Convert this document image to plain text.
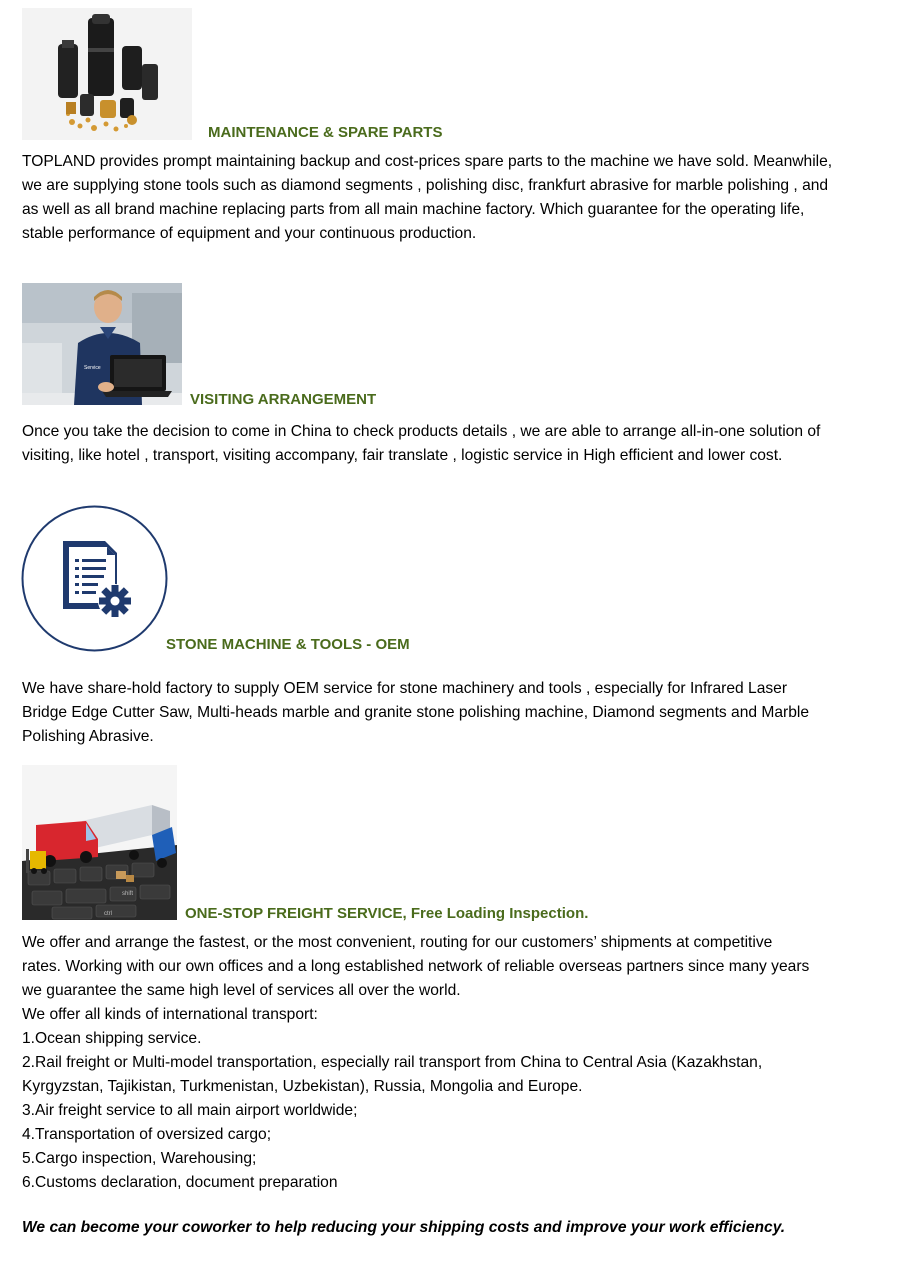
MAINTENANCE & SPARE PARTS
TOPLAND provides prompt maintaining backup and cost-prices spare parts to the machine we have sold. Meanwhile,
we are supplying stone tools such as diamond segments , polishing disc, frankfurt abrasive for marble polishing , and
as well as all brand machine replacing parts from all main machine factory. Which guarantee for the operating life,
stable performance of equipment and your continuous production.
Service
VISITING ARRANGEMENT
Once you take the decision to come in China to check products details , we are able to arrange all-in-one solution of
visiting, like hotel , transport, visiting accompany, fair translate , logistic service in High efficient and lower cost.
STONE MACHINE & TOOLS - OEM
We have share-hold factory to supply OEM service for stone machinery and tools , especially for Infrared Laser
Bridge Edge Cutter Saw, Multi-heads marble and granite stone polishing machine, Diamond segments and Marble
Polishing Abrasive.
shift
ctrl	ONE-STOP FREIGHT SERVICE, Free Loading Inspection.
We offer and arrange the fastest, or the most convenient, routing for our customers’ shipments at competitive
rates. Working with our own offices and a long established network of reliable overseas partners since many years
we guarantee the same high level of services all over the world.
We offer all kinds of international transport:
1.Ocean shipping service.
2.Rail freight or Multi-model transportation, especially rail transport from China to Central Asia (Kazakhstan,
Kyrgyzstan, Tajikistan, Turkmenistan, Uzbekistan), Russia, Mongolia and Europe.
3.Air freight service to all main airport worldwide;
4.Transportation of oversized cargo;
5.Cargo inspection, Warehousing;
6.Customs declaration, document preparation
We can become your coworker to help reducing your shipping costs and improve your work efficiency.
